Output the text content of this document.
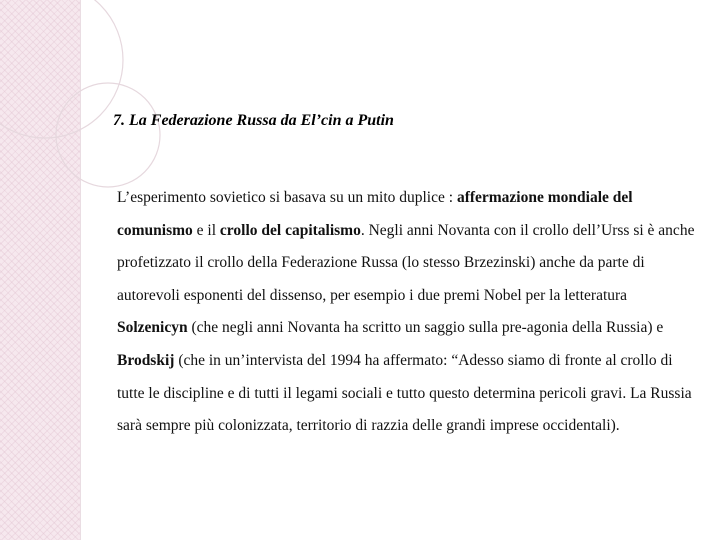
7. La Federazione Russa da El’cin a Putin

L’esperimento sovietico si basava su un mito duplice : affermazione mondiale del comunismo e il crollo del capitalismo. Negli anni Novanta con il crollo dell’Urss si è anche profetizzato il crollo della Federazione Russa (lo stesso Brzezinski) anche da parte di autorevoli esponenti del dissenso, per esempio i due premi Nobel per la letteratura Solzenicyn (che negli anni Novanta ha scritto un saggio sulla pre-agonia della Russia) e Brodskij (che in un’intervista del 1994 ha affermato: “Adesso siamo di fronte al crollo di tutte le discipline e di tutti il legami sociali e tutto questo determina pericoli gravi. La Russia sarà sempre più colonizzata, territorio di razzia delle grandi imprese occidentali).
